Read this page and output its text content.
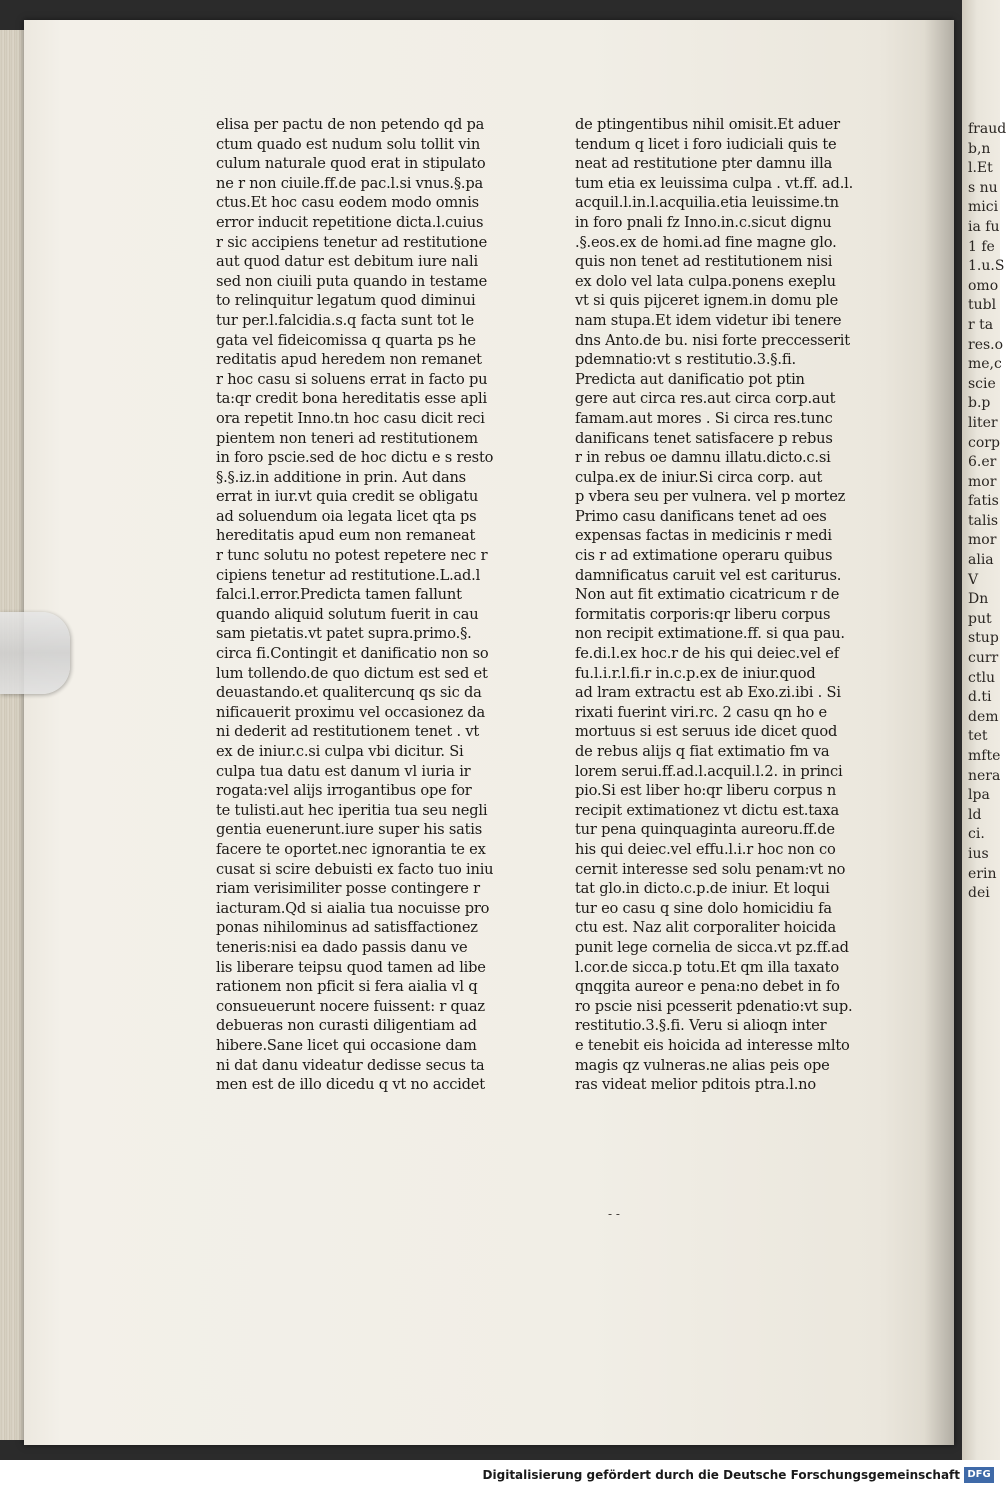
elisa per pactu de non petendo qd pa
ctum quado est nudum solu tollit vin
culum naturale quod erat in stipulato
ne r non ciuile.ff.de pac.l.si vnus.§.pa
ctus.Et hoc casu eodem modo omnis
error inducit repetitione dicta.l.cuius
r sic accipiens tenetur ad restitutione
aut quod datur est debitum iure nali
sed non ciuili puta quando in testame
to relinquitur legatum quod diminui
tur per.l.falcidia.s.q facta sunt tot le
gata vel fideicomissa q quarta ps he
reditatis apud heredem non remanet
r hoc casu si soluens errat in facto pu
ta:qr credit bona hereditatis esse apli
ora repetit Inno.tn hoc casu dicit reci
pientem non teneri ad restitutionem
in foro pscie.sed de hoc dictu e s resto
§.§.iz.in additione in prin. Aut dans
errat in iur.vt quia credit se obligatu
ad soluendum oia legata licet qta ps
hereditatis apud eum non remaneat
r tunc solutu no potest repetere nec r
cipiens tenetur ad restitutione.L.ad.l
falci.l.error.Predicta tamen fallunt
quando aliquid solutum fuerit in cau
sam pietatis.vt patet supra.primo.§.
circa fi.Contingit et danificatio non so
lum tollendo.de quo dictum est sed et
deuastando.et qualitercunq qs sic da
nificauerit proximu vel occasionez da
ni dederit ad restitutionem tenet . vt
ex de iniur.c.si culpa vbi dicitur. Si
culpa tua datu est danum vl iuria ir
rogata:vel alijs irrogantibus ope for
te tulisti.aut hec iperitia tua seu negli
gentia euenerunt.iure super his satis
facere te oportet.nec ignorantia te ex
cusat si scire debuisti ex facto tuo iniu
riam verisimiliter posse contingere r
iacturam.Qd si aialia tua nocuisse pro
ponas nihilominus ad satisffactionez
teneris:nisi ea dado passis danu ve
lis liberare teipsu quod tamen ad libe
rationem non pficit si fera aialia vl q
consueuerunt nocere fuissent: r quaz
debueras non curasti diligentiam ad
hibere.Sane licet qui occasione dam
ni dat danu videatur dedisse secus ta
men est de illo dicedu q vt no accidet
de ptingentibus nihil omisit.Et aduer
tendum q licet i foro iudiciali quis te
neat ad restitutione pter damnu illa
tum etia ex leuissima culpa . vt.ff. ad.l.
acquil.l.in.l.acquilia.etia leuissime.tn
in foro pnali fz Inno.in.c.sicut dignu
.§.eos.ex de homi.ad fine magne glo.
quis non tenet ad restitutionem nisi
ex dolo vel lata culpa.ponens exeplu
vt si quis pijceret ignem.in domu ple
nam stupa.Et idem videtur ibi tenere
dns Anto.de bu. nisi forte preccesserit
pdemnatio:vt s restitutio.3.§.fi.
Predicta aut danificatio pot ptin
gere aut circa res.aut circa corp.aut
famam.aut mores . Si circa res.tunc
danificans tenet satisfacere p rebus
r in rebus oe damnu illatu.dicto.c.si
culpa.ex de iniur.Si circa corp. aut
p vbera seu per vulnera. vel p mortez
Primo casu danificans tenet ad oes
expensas factas in medicinis r medi
cis r ad extimatione operaru quibus
damnificatus caruit vel est cariturus.
Non aut fit extimatio cicatricum r de
formitatis corporis:qr liberu corpus
non recipit extimatione.ff. si qua pau.
fe.di.l.ex hoc.r de his qui deiec.vel ef
fu.l.i.r.l.fi.r in.c.p.ex de iniur.quod
ad lram extractu est ab Exo.zi.ibi . Si
rixati fuerint viri.rc. 2 casu qn ho e
mortuus si est seruus ide dicet quod
de rebus alijs q fiat extimatio fm va
lorem serui.ff.ad.l.acquil.l.2. in princi
pio.Si est liber ho:qr liberu corpus n
recipit extimationez vt dictu est.taxa
tur pena quinquaginta aureoru.ff.de
his qui deiec.vel effu.l.i.r hoc non co
cernit interesse sed solu penam:vt no
tat glo.in dicto.c.p.de iniur. Et loqui
tur eo casu q sine dolo homicidiu fa
ctu est. Naz alit corporaliter hoicida
punit lege cornelia de sicca.vt pz.ff.ad
l.cor.de sicca.p totu.Et qm illa taxato
qnqgita aureor e pena:no debet in fo
ro pscie nisi pcesserit pdenatio:vt sup.
restitutio.3.§.fi. Veru si alioqn inter
e tenebit eis hoicida ad interesse mlto
magis qz vulneras.ne alias peis ope
ras videat melior pditois ptra.l.no
- -
fraud
b,n
l.Et
s nu
mici
ia fu
1 fe
1.u.S
omo
tubl
r ta
res.o
me,c
scie
b.p
liter
corp
6.er
mor
fatis
talis
mor
alia
V
Dn
put
stup
curr
ctlu
d.ti
dem
tet
mfte
nera
lpa
ld
ci.
ius
erin
dei
Digitalisierung gefördert durch die Deutsche Forschungsgemeinschaft DFG
